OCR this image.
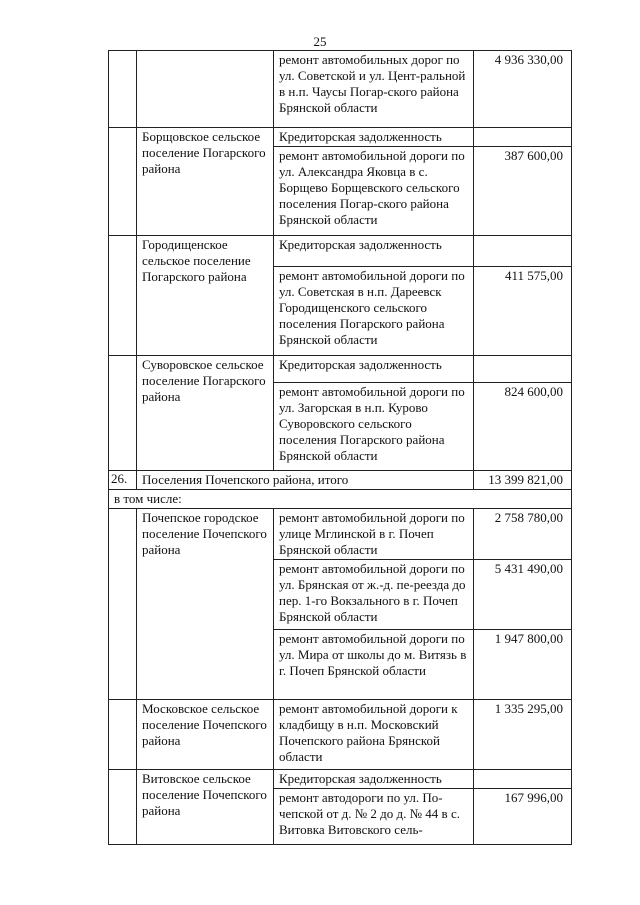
25
		ремонт автомобильных дорог по ул. Советской и ул. Цент-ральной в н.п. Чаусы Погар-ского района Брянской области	4 936 330,00
	Борщовское сельское поселение Погарского района	Кредиторская задолженность	
		ремонт автомобильной дороги по ул. Александра Яковца в с. Борщево Борщевского сельского поселения Погар-ского района Брянской области	387 600,00
	Городищенское сельское поселение Погарского района	Кредиторская задолженность	
		ремонт автомобильной дороги по ул. Советская в н.п. Дареевск Городищенского сельского поселения Погарского района Брянской области	411 575,00
	Суворовское сельское поселение Погарского района	Кредиторская задолженность	
		ремонт автомобильной дороги по ул. Загорская в н.п. Курово Суворовского сельского поселения Погарского района Брянской области	824 600,00
26.	Поселения Почепского района, итого		13 399 821,00
в том числе:			
	Почепское городское поселение Почепского района	ремонт автомобильной дороги по улице Мглинской в г. Почеп Брянской области	2 758 780,00
		ремонт автомобильной дороги по ул. Брянская от ж.-д. пе-реезда до пер. 1-го Вокзального в г. Почеп Брянской области	5 431 490,00
		ремонт автомобильной дороги по ул. Мира от школы до м. Витязь в г. Почеп Брянской области	1 947 800,00
	Московское сельское поселение Почепского района	ремонт автомобильной дороги к кладбищу в н.п. Московский Почепского района Брянской области	1 335 295,00
	Витовское сельское поселение Почепского района	Кредиторская задолженность	
		ремонт автодороги по ул. По-чепской от д. № 2 до д. № 44 в с. Витовка Витовского сель-	167 996,00
